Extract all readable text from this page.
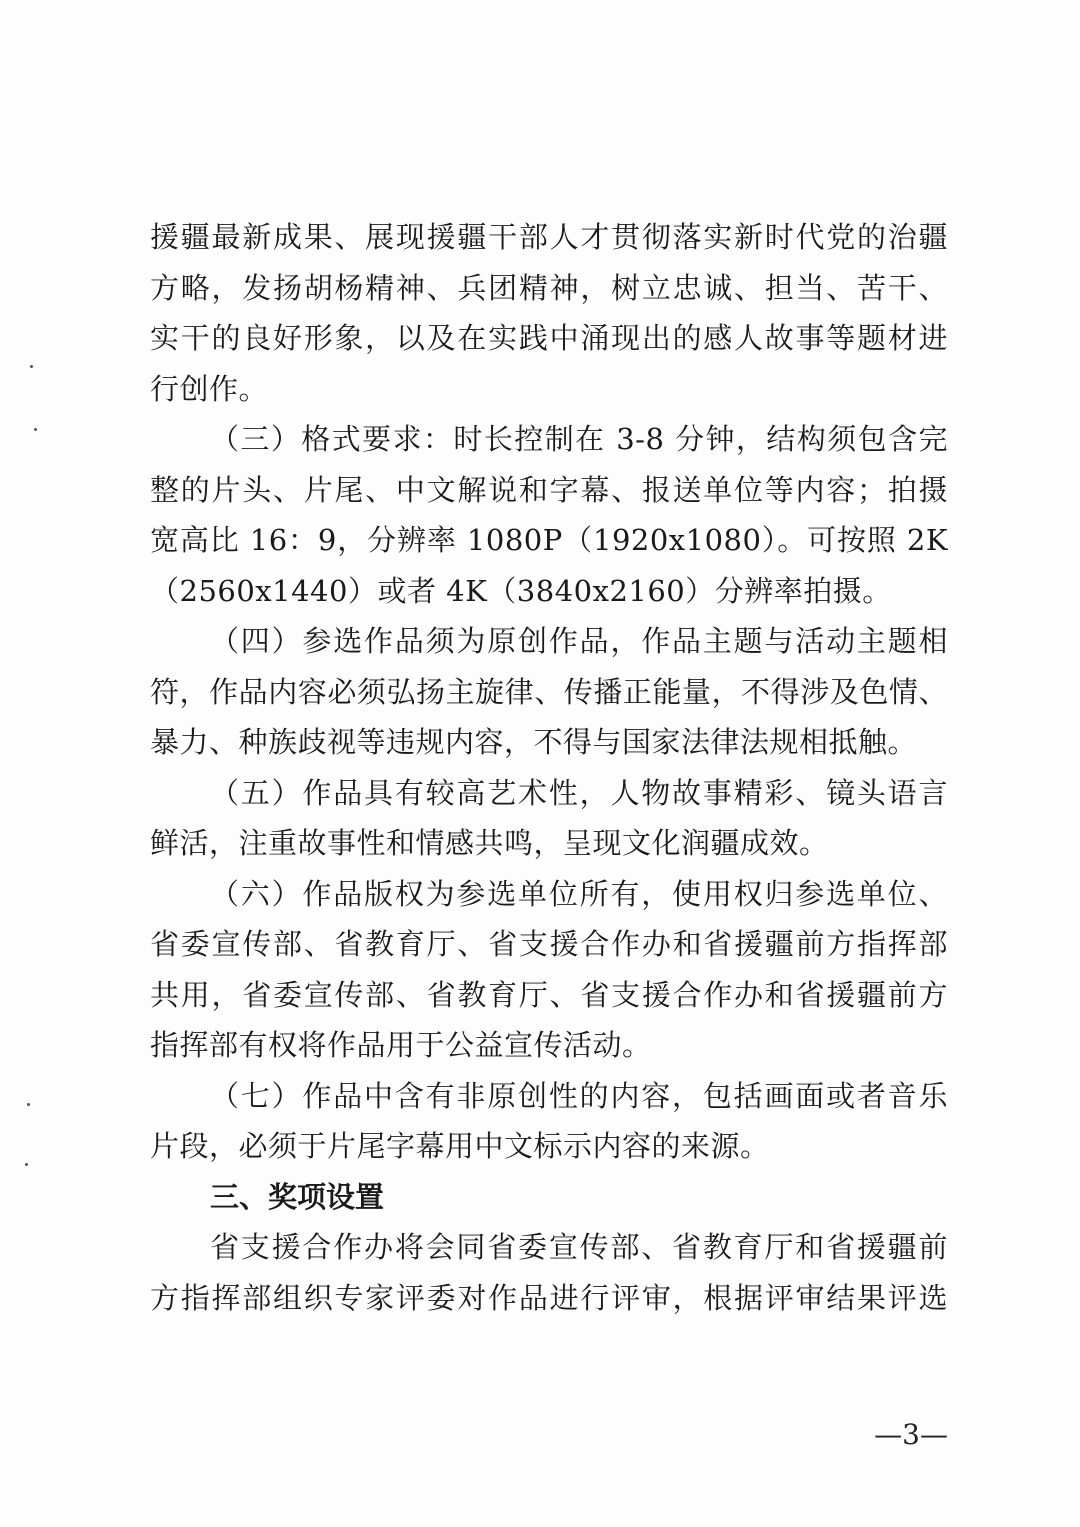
援疆最新成果、展现援疆干部人才贯彻落实新时代党的治疆
方略，发扬胡杨精神、兵团精神，树立忠诚、担当、苦干、
实干的良好形象，以及在实践中涌现出的感人故事等题材进
行创作。
（三）格式要求：时长控制在 3-8 分钟，结构须包含完
整的片头、片尾、中文解说和字幕、报送单位等内容；拍摄
宽高比 16：9，分辨率 1080P（1920x1080）。可按照 2K
（2560x1440）或者 4K（3840x2160）分辨率拍摄。
（四）参选作品须为原创作品，作品主题与活动主题相
符，作品内容必须弘扬主旋律、传播正能量，不得涉及色情、
暴力、种族歧视等违规内容，不得与国家法律法规相抵触。
（五）作品具有较高艺术性，人物故事精彩、镜头语言
鲜活，注重故事性和情感共鸣，呈现文化润疆成效。
（六）作品版权为参选单位所有，使用权归参选单位、
省委宣传部、省教育厅、省支援合作办和省援疆前方指挥部
共用，省委宣传部、省教育厅、省支援合作办和省援疆前方
指挥部有权将作品用于公益宣传活动。
（七）作品中含有非原创性的内容，包括画面或者音乐
片段，必须于片尾字幕用中文标示内容的来源。
三、奖项设置
省支援合作办将会同省委宣传部、省教育厅和省援疆前
方指挥部组织专家评委对作品进行评审，根据评审结果评选
—3—
